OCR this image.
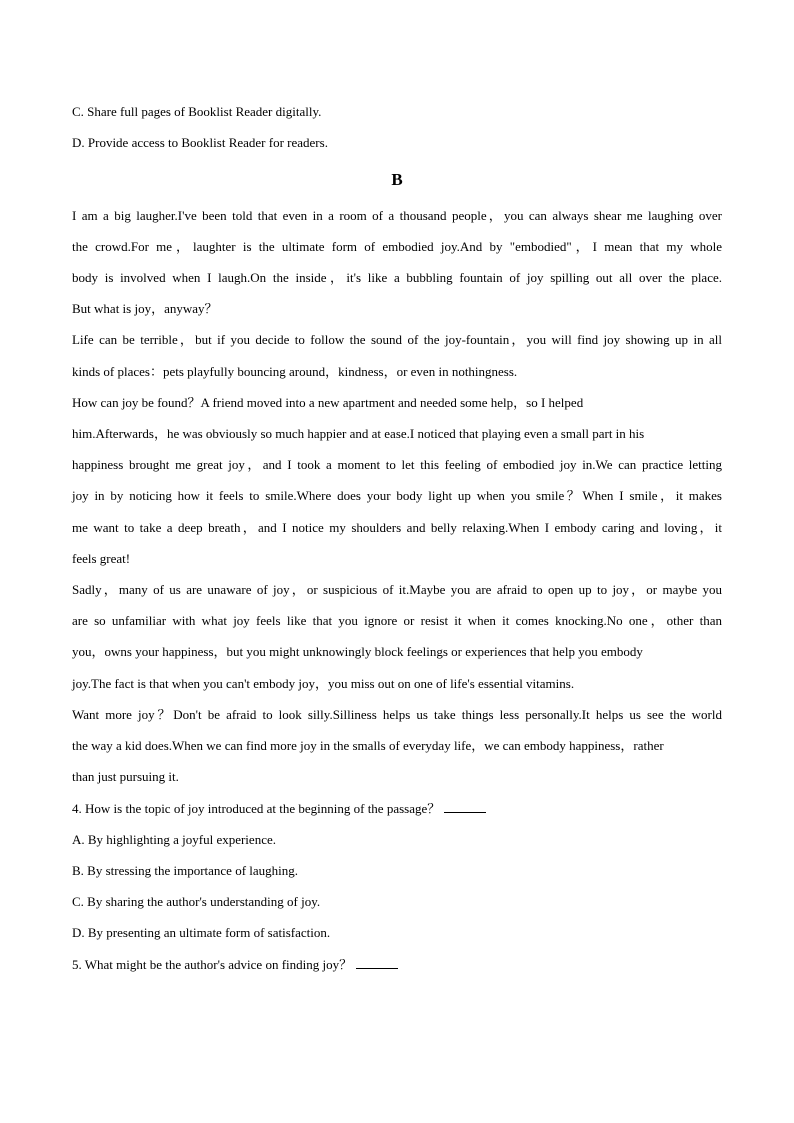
C. Share full pages of Booklist Reader digitally.
D. Provide access to Booklist Reader for readers.
B
I am a big laugher.I've been told that even in a room of a thousand people，you can always shear me laughing over
the crowd.For me，laughter is the ultimate form of embodied joy.And by "embodied"，I mean that my whole
body is involved when I laugh.On the inside，it's like a bubbling fountain of joy spilling out all over the place.
But what is joy，anyway？
Life can be terrible，but if you decide to follow the sound of the joy-fountain，you will find joy showing up in all
kinds of places：pets playfully bouncing around，kindness，or even in nothingness.
How can joy be found？A friend moved into a new apartment and needed some help，so I helped
him.Afterwards，he was obviously so much happier and at ease.I noticed that playing even a small part in his
happiness brought me great joy，and I took a moment to let this feeling of embodied joy in.We can practice letting
joy in by noticing how it feels to smile.Where does your body light up when you smile？When I smile，it makes
me want to take a deep breath，and I notice my shoulders and belly relaxing.When I embody caring and loving，it
feels great!
Sadly，many of us are unaware of joy，or suspicious of it.Maybe you are afraid to open up to joy，or maybe you
are so unfamiliar with what joy feels like that you ignore or resist it when it comes knocking.No one，other than
you，owns your happiness，but you might unknowingly block feelings or experiences that help you embody
joy.The fact is that when you can't embody joy，you miss out on one of life's essential vitamins.
Want more joy？Don't be afraid to look silly.Silliness helps us take things less personally.It helps us see the world
the way a kid does.When we can find more joy in the smalls of everyday life，we can embody happiness，rather
than just pursuing it.
4. How is the topic of joy introduced at the beginning of the passage？
A. By highlighting a joyful experience.
B. By stressing the importance of laughing.
C. By sharing the author's understanding of joy.
D. By presenting an ultimate form of satisfaction.
5. What might be the author's advice on finding joy？
